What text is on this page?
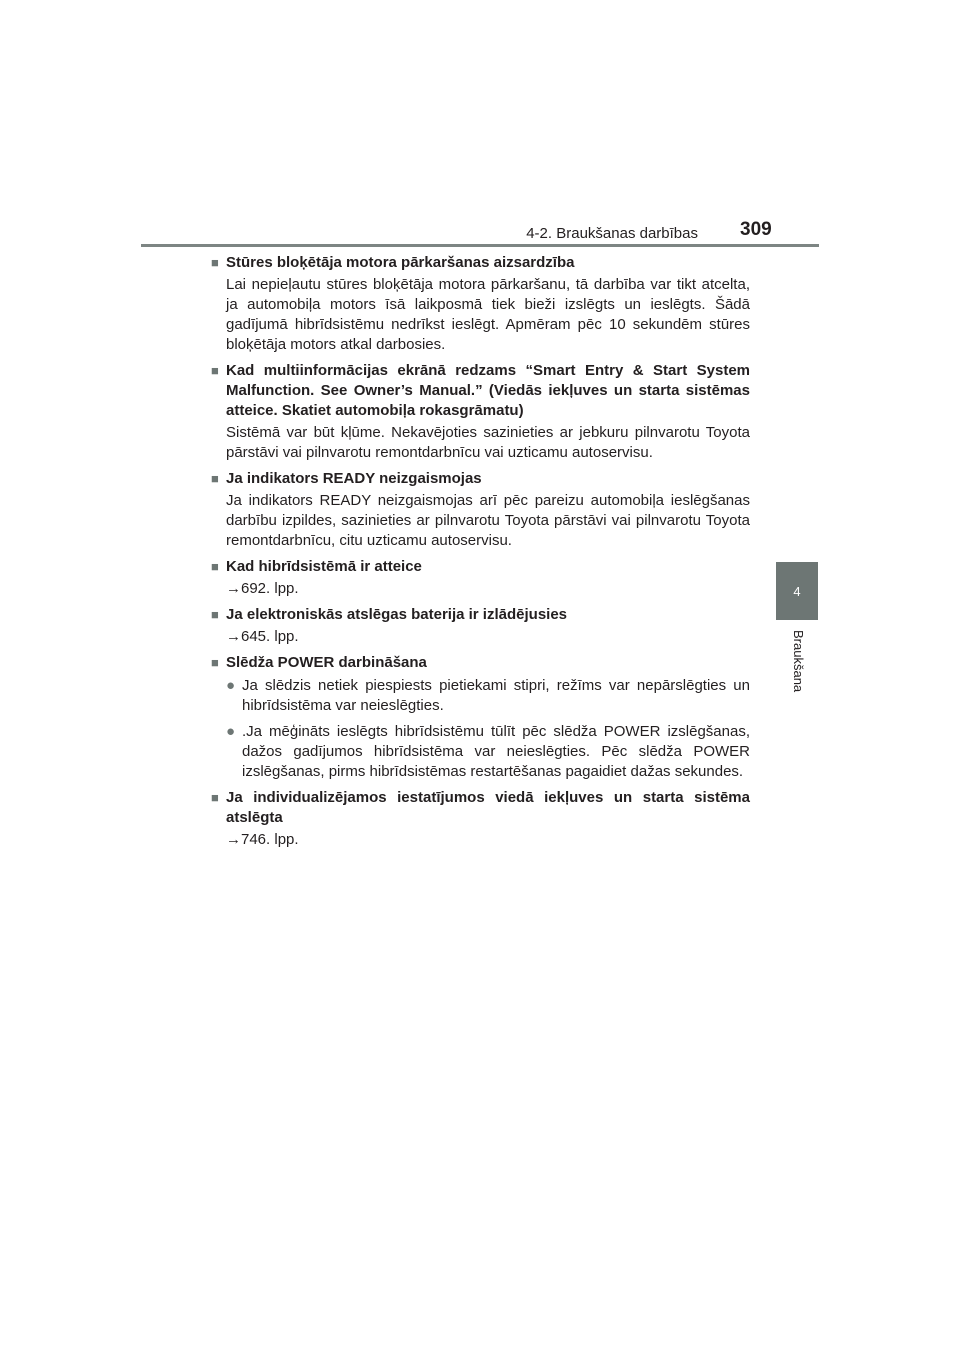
4-2. Braukšanas darbības 309
4
Braukšana
■ Stūres bloķētāja motora pārkaršanas aizsardzība
Lai nepieļautu stūres bloķētāja motora pārkaršanu, tā darbība var tikt atcelta, ja automobiļa motors īsā laikposmā tiek bieži izslēgts un ieslēgts. Šādā gadījumā hibrīdsistēmu nedrīkst ieslēgt. Apmēram pēc 10 sekundēm stūres bloķētāja motors atkal darbosies.
■ Kad multiinformācijas ekrānā redzams “Smart Entry & Start System Malfunction. See Owner’s Manual.” (Viedās iekļuves un starta sistēmas atteice. Skatiet automobiļa rokasgrāmatu)
Sistēmā var būt kļūme. Nekavējoties sazinieties ar jebkuru pilnvarotu Toyota pārstāvi vai pilnvarotu remontdarbnīcu vai uzticamu autoservisu.
■ Ja indikators READY neizgaismojas
Ja indikators READY neizgaismojas arī pēc pareizu automobiļa ieslēgšanas darbību izpildes, sazinieties ar pilnvarotu Toyota pārstāvi vai pilnvarotu Toyota remontdarbnīcu, citu uzticamu autoservisu.
■ Kad hibrīdsistēmā ir atteice
→692. lpp.
■ Ja elektroniskās atslēgas baterija ir izlādējusies
→645. lpp.
■ Slēdža POWER darbināšana
● Ja slēdzis netiek piespiests pietiekami stipri, režīms var nepārslēgties un hibrīdsistēma var neieslēgties.
● .Ja mēģināts ieslēgts hibrīdsistēmu tūlīt pēc slēdža POWER izslēgšanas, dažos gadījumos hibrīdsistēma var neieslēgties. Pēc slēdža POWER izslēgšanas, pirms hibrīdsistēmas restartēšanas pagaidiet dažas sekundes.
■ Ja individualizējamos iestatījumos viedā iekļuves un starta sistēma atslēgta
→746. lpp.
